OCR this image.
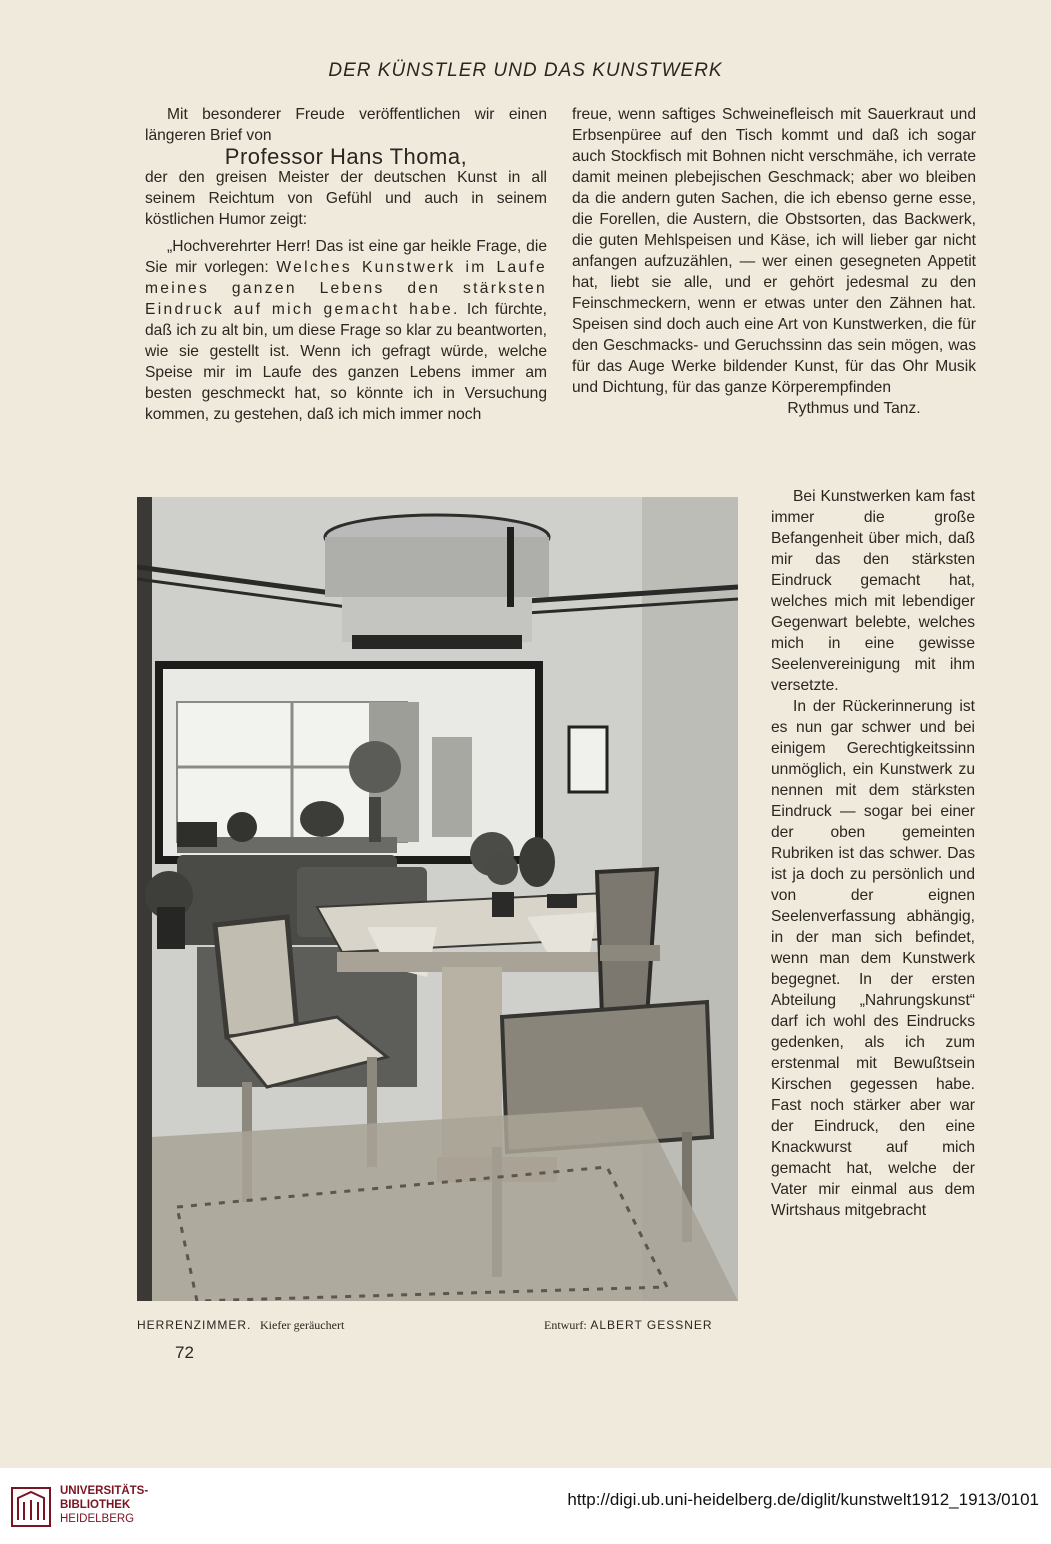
DER KÜNSTLER UND DAS KUNSTWERK

Mit besonderer Freude veröffentlichen wir einen längeren Brief von

Professor Hans Thoma,

der den greisen Meister der deutschen Kunst in all seinem Reichtum von Gefühl und auch in seinem köstlichen Humor zeigt:

„Hochverehrter Herr! Das ist eine gar heikle Frage, die Sie mir vorlegen: Welches Kunstwerk im Laufe meines ganzen Lebens den stärksten Eindruck auf mich gemacht habe. Ich fürchte, daß ich zu alt bin, um diese Frage so klar zu beantworten, wie sie gestellt ist. Wenn ich gefragt würde, welche Speise mir im Laufe des ganzen Lebens immer am besten geschmeckt hat, so könnte ich in Versuchung kommen, zu gestehen, daß ich mich immer noch

freue, wenn saftiges Schweinefleisch mit Sauerkraut und Erbsenpüree auf den Tisch kommt und daß ich sogar auch Stockfisch mit Bohnen nicht verschmähe, ich verrate damit meinen plebejischen Geschmack; aber wo bleiben da die andern guten Sachen, die ich ebenso gerne esse, die Forellen, die Austern, die Obstsorten, das Backwerk, die guten Mehlspeisen und Käse, ich will lieber gar nicht anfangen aufzuzählen, — wer einen gesegneten Appetit hat, liebt sie alle, und er gehört jedesmal zu den Feinschmeckern, wenn er etwas unter den Zähnen hat. Speisen sind doch auch eine Art von Kunstwerken, die für den Geschmacks- und Geruchssinn das sein mögen, was für das Auge Werke bildender Kunst, für das Ohr Musik und Dichtung, für das ganze Körperempfinden

Rythmus und Tanz.

Bei Kunstwerken kam fast immer die große Befangenheit über mich, daß mir das den stärksten Eindruck gemacht hat, welches mich mit lebendiger Gegenwart belebte, welches mich in eine gewisse Seelenvereinigung mit ihm versetzte.

In der Rückerinnerung ist es nun gar schwer und bei einigem Gerechtigkeitssinn unmöglich, ein Kunstwerk zu nennen mit dem stärksten Eindruck — sogar bei einer der oben gemeinten Rubriken ist das schwer. Das ist ja doch zu persönlich und von der eignen Seelenverfassung abhängig, in der man sich befindet, wenn man dem Kunstwerk begegnet. In der ersten Abteilung „Nahrungskunst“ darf ich wohl des Eindrucks gedenken, als ich zum erstenmal mit Bewußtsein Kirschen gegessen habe. Fast noch stärker aber war der Eindruck, den eine Knackwurst auf mich gemacht hat, welche der Vater mir einmal aus dem Wirtshaus mitgebracht

HERRENZIMMER. Kiefer geräuchert	Entwurf: ALBERT GESSNER
72
UNIVERSITÄTS-
BIBLIOTHEK
HEIDELBERG
http://digi.ub.uni-heidelberg.de/diglit/kunstwelt1912_1913/0101
